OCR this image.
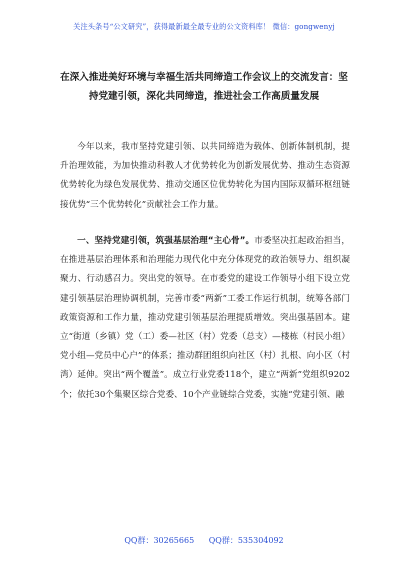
关注头条号“公文研究”，获得最新最全最专业的公文资料库！ 微信：gongwenyj
在深入推进美好环境与幸福生活共同缔造工作会议上的交流发言：坚持党建引领，深化共同缔造，推进社会工作高质量发展

今年以来，我市坚持党建引领、以共同缔造为载体、创新体制机制，提升治理效能，为加快推动科教人才优势转化为创新发展优势、推动生态资源优势转化为绿色发展优势、推动交通区位优势转化为国内国际双循环枢纽链接优势“三个优势转化”贡献社会工作力量。

一、坚持党建引领，筑强基层治理“主心骨”。市委坚决扛起政治担当，在推进基层治理体系和治理能力现代化中充分体现党的政治领导力、组织凝聚力、行动感召力。突出党的领导。在市委党的建设工作领导小组下设立党建引领基层治理协调机制，完善市委“两新”工委工作运行机制，统筹各部门政策资源和工作力量，推动党建引领基层治理提质增效。突出强基固本。建立“街道（乡镇）党（工）委—社区（村）党委（总支）—楼栋（村民小组）党小组—党员中心户”的体系；推动群团组织向社区（村）扎根、向小区（村湾）延伸。突出“两个覆盖”。成立行业党委118个，建立“两新”党组织9202个；依托30个集聚区综合党委、10个产业链综合党委，实施“党建引领、融

QQ群：30265665 QQ群：535304092
